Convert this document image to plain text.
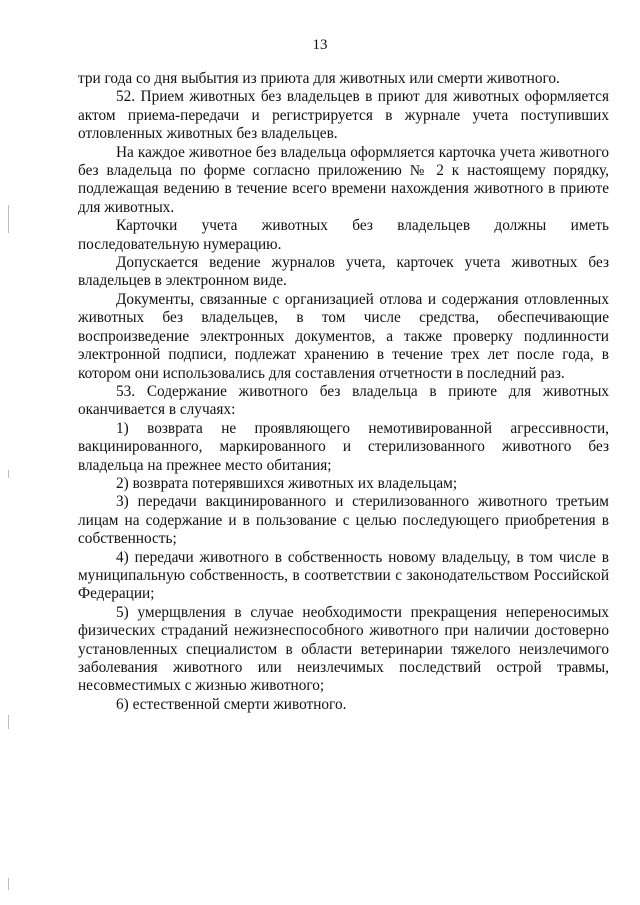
13

три года со дня выбытия из приюта для животных или смерти животного.

52. Прием животных без владельцев в приют для животных оформляется актом приема-передачи и регистрируется в журнале учета поступивших отловленных животных без владельцев.

На каждое животное без владельца оформляется карточка учета животного без владельца по форме согласно приложению № 2 к настоящему порядку, подлежащая ведению в течение всего времени нахождения животного в приюте для животных.

Карточки учета животных без владельцев должны иметь последовательную нумерацию.

Допускается ведение журналов учета, карточек учета животных без владельцев в электронном виде.

Документы, связанные с организацией отлова и содержания отловленных животных без владельцев, в том числе средства, обеспечивающие воспроизведение электронных документов, а также проверку подлинности электронной подписи, подлежат хранению в течение трех лет после года, в котором они использовались для составления отчетности в последний раз.

53. Содержание животного без владельца в приюте для животных оканчивается в случаях:

1) возврата не проявляющего немотивированной агрессивности, вакцинированного, маркированного и стерилизованного животного без владельца на прежнее место обитания;

2) возврата потерявшихся животных их владельцам;

3) передачи вакцинированного и стерилизованного животного третьим лицам на содержание и в пользование с целью последующего приобретения в собственность;

4) передачи животного в собственность новому владельцу, в том числе в муниципальную собственность, в соответствии с законодательством Российской Федерации;

5) умерщвления в случае необходимости прекращения непереносимых физических страданий нежизнеспособного животного при наличии достоверно установленных специалистом в области ветеринарии тяжелого неизлечимого заболевания животного или неизлечимых последствий острой травмы, несовместимых с жизнью животного;

6) естественной смерти животного.
